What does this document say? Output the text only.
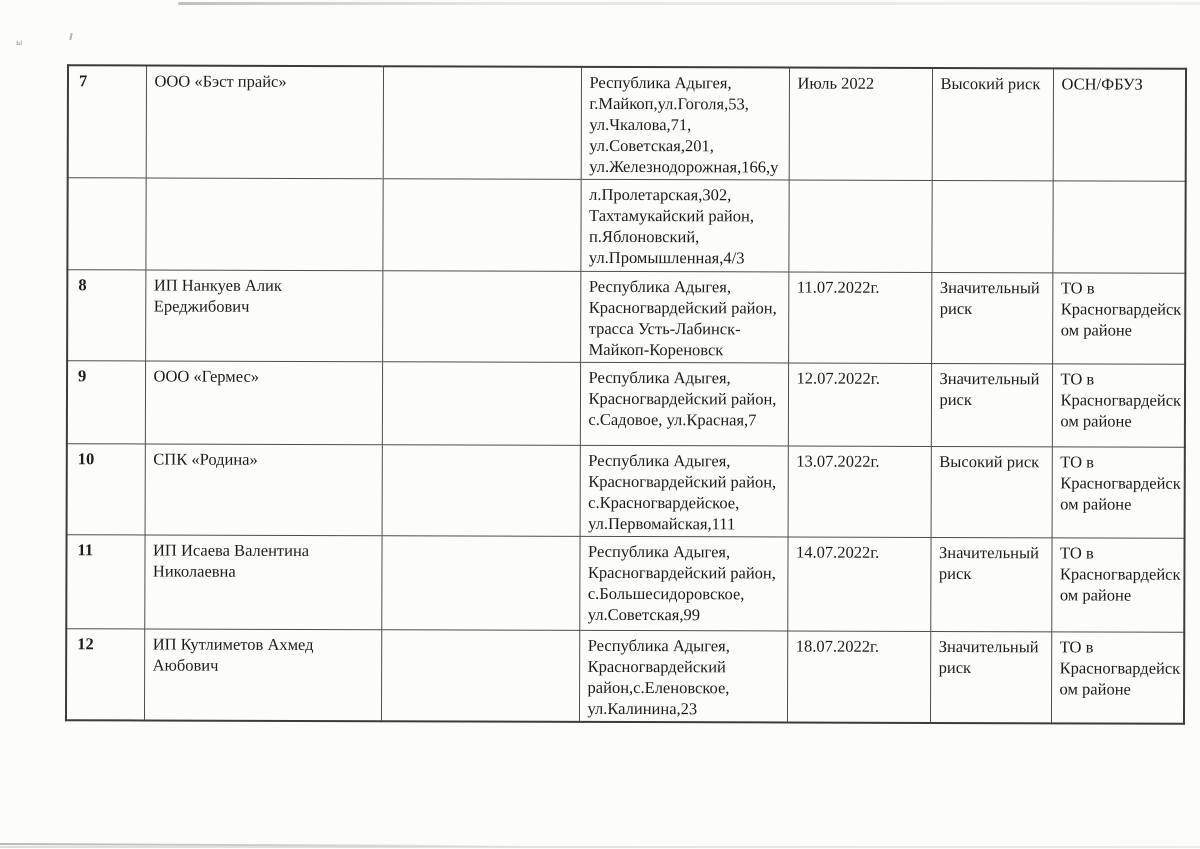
ы
7	ООО «Бэст прайс»		Республика Адыгея,
г.Майкоп,ул.Гоголя,53,
ул.Чкалова,71,
ул.Советская,201,
ул.Железнодорожная,166,у	Июль 2022	Высокий риск	ОСН/ФБУЗ
			л.Пролетарская,302,
Тахтамукайский район,
п.Яблоновский,
ул.Промышленная,4/3			
8	ИП Нанкуев Алик
Ереджибович		Республика Адыгея,
Красногвардейский район,
трасса Усть-Лабинск-
Майкоп-Кореновск	11.07.2022г.	Значительный
риск	ТО в
Красногвардейск
ом районе
9	ООО «Гермес»		Республика Адыгея,
Красногвардейский район,
с.Садовое, ул.Красная,7	12.07.2022г.	Значительный
риск	ТО в
Красногвардейск
ом районе
10	СПК «Родина»		Республика Адыгея,
Красногвардейский район,
с.Красногвардейское,
ул.Первомайская,111	13.07.2022г.	Высокий риск	ТО в
Красногвардейск
ом районе
11	ИП Исаева Валентина
Николаевна		Республика Адыгея,
Красногвардейский район,
с.Большесидоровское,
ул.Советская,99	14.07.2022г.	Значительный
риск	ТО в
Красногвардейск
ом районе
12	ИП Кутлиметов Ахмед
Аюбович		Республика Адыгея,
Красногвардейский
район,с.Еленовское,
ул.Калинина,23	18.07.2022г.	Значительный
риск	ТО в
Красногвардейск
ом районе
